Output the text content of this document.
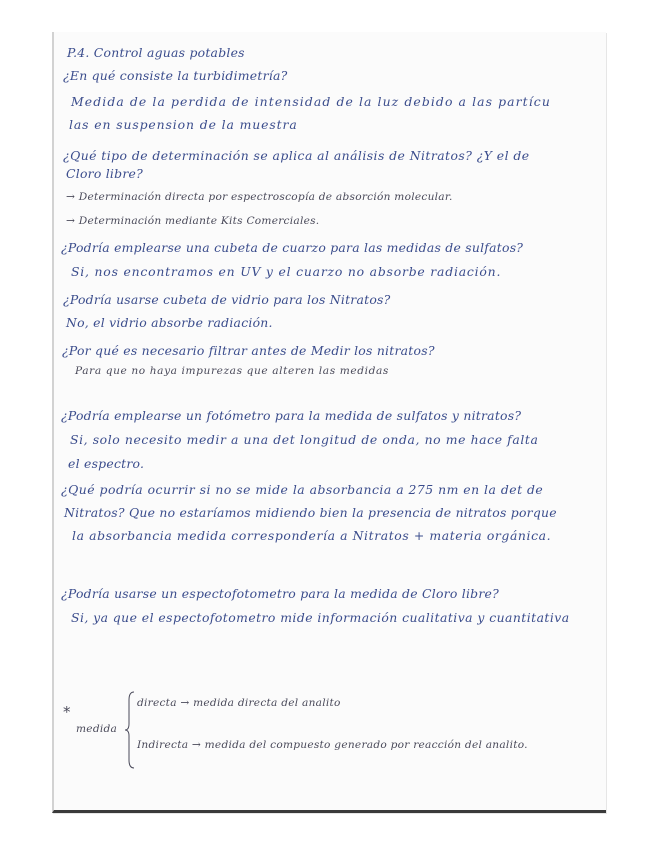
P.4. Control aguas potables
¿En qué consiste la turbidimetría?
Medida de la perdida de intensidad de la luz debido a las partícu
las en suspension de la muestra
¿Qué tipo de determinación se aplica al análisis de Nitratos? ¿Y el de
Cloro libre?
→ Determinación directa por espectroscopía de absorción molecular.
→ Determinación mediante Kits Comerciales.
¿Podría emplearse una cubeta de cuarzo para las medidas de sulfatos?
Si, nos encontramos en UV y el cuarzo no absorbe radiación.
¿Podría usarse cubeta de vidrio para los Nitratos?
No, el vidrio absorbe radiación.
¿Por qué es necesario filtrar antes de Medir los nitratos?
Para que no haya impurezas que alteren las medidas
¿Podría emplearse un fotómetro para la medida de sulfatos y nitratos?
Si, solo necesito medir a una det longitud de onda, no me hace falta
el espectro.
¿Qué podría ocurrir si no se mide la absorbancia a 275 nm en la det de
Nitratos? Que no estaríamos midiendo bien la presencia de nitratos porque
la absorbancia medida correspondería a Nitratos + materia orgánica.
¿Podría usarse un espectofotometro para la medida de Cloro libre?
Si, ya que el espectofotometro mide información cualitativa y cuantitativa
*
medida
directa → medida directa del analito
Indirecta → medida del compuesto generado por reacción del analito.
